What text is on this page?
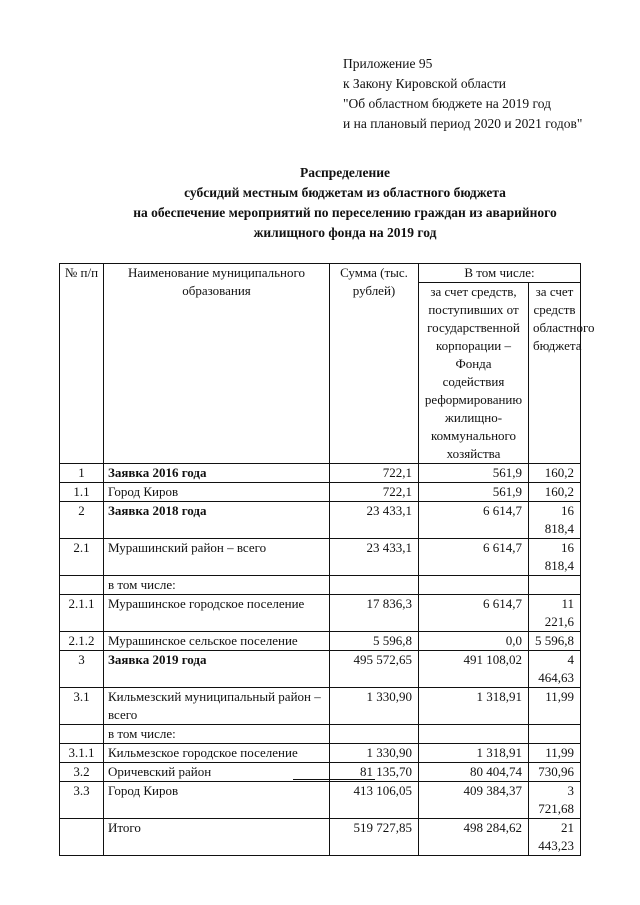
Приложение 95
к Закону Кировской области
"Об областном бюджете на 2019 год
и на плановый период 2020 и 2021 годов"
Распределение
субсидий местным бюджетам из областного бюджета
на обеспечение мероприятий по переселению граждан из аварийного
жилищного фонда на 2019 год
№ п/п	Наименование муниципального образования	Сумма (тыс. рублей)	В том числе:	
			за счет средств, поступивших от государственной корпорации – Фонда содействия реформированию жилищно-коммунального хозяйства	за счет средств областного бюджета
1	Заявка 2016 года	722,1	561,9	160,2
1.1	Город Киров	722,1	561,9	160,2
2	Заявка 2018 года	23 433,1	6 614,7	16 818,4
2.1	Мурашинский район – всего	23 433,1	6 614,7	16 818,4
	в том числе:			
2.1.1	Мурашинское городское поселение	17 836,3	6 614,7	11 221,6
2.1.2	Мурашинское сельское поселение	5 596,8	0,0	5 596,8
3	Заявка 2019 года	495 572,65	491 108,02	4 464,63
3.1	Кильмезский муниципальный район – всего	1 330,90	1 318,91	11,99
	в том числе:			
3.1.1	Кильмезское городское поселение	1 330,90	1 318,91	11,99
3.2	Оричевский район	81 135,70	80 404,74	730,96
3.3	Город Киров	413 106,05	409 384,37	3 721,68
	Итого	519 727,85	498 284,62	21 443,23
